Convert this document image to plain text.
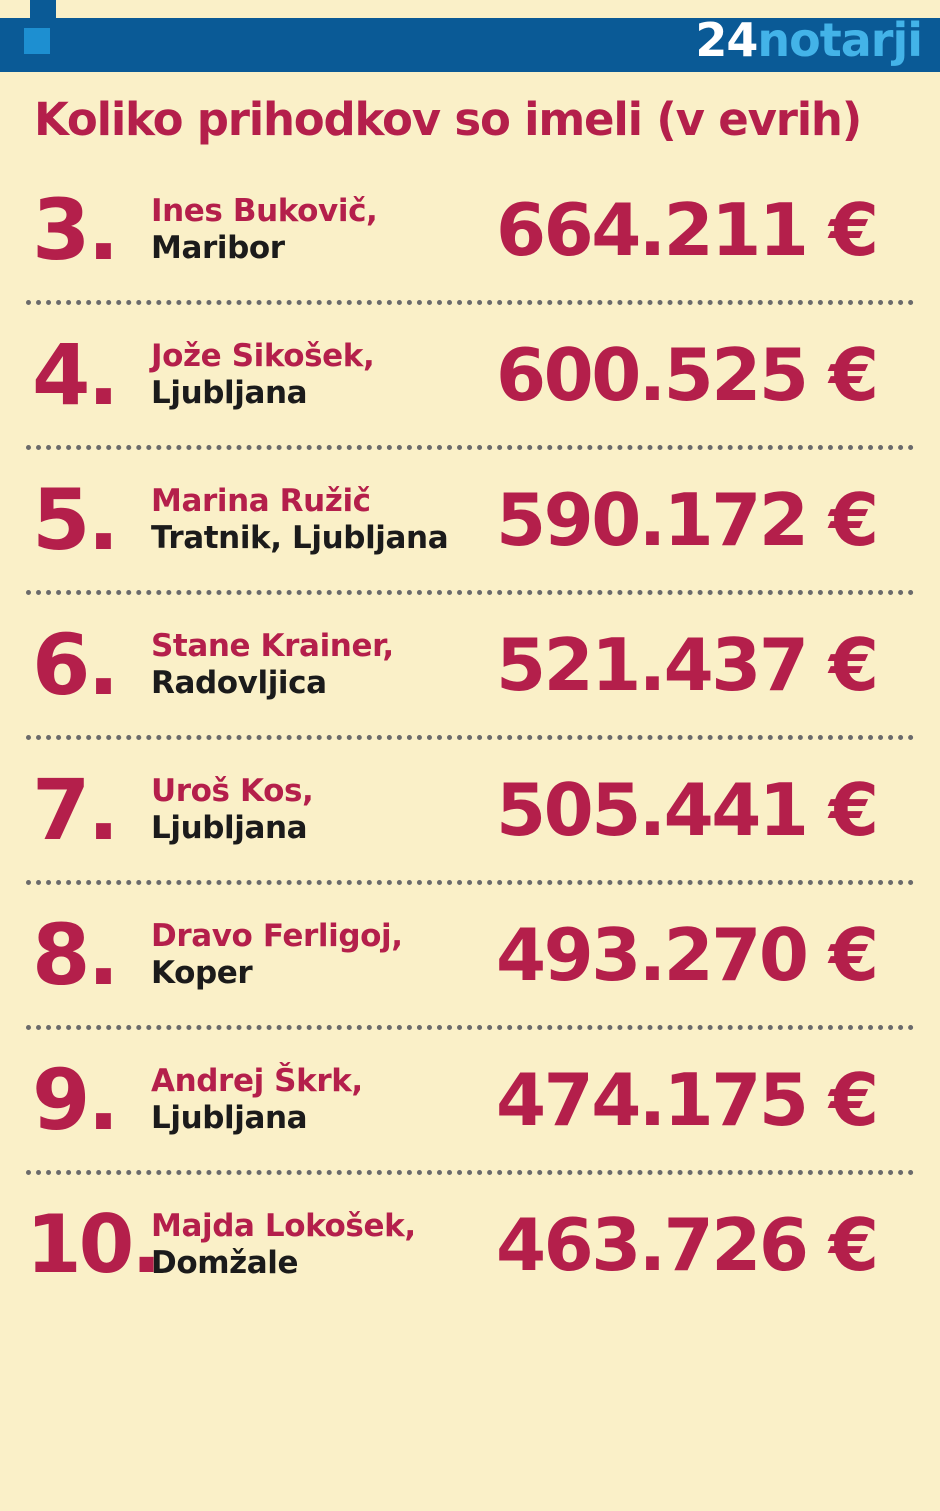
24notarji
Koliko prihodkov so imeli (v evrih)
3.	Ines Bukovič,
Maribor	664.211 €
4.	Jože Sikošek,
Ljubljana	600.525 €
5.	Marina Ružič
Tratnik, Ljubljana 590.172 €
6.	Stane Krainer,
Radovljica	521.437 €
7.	Uroš Kos,
Ljubljana	505.441 €
8.	Dravo Ferligoj,
Koper	493.270 €
9.	Andrej Škrk,
Ljubljana	474.175 €
10.
Majda Lokošek,
Domžale	463.726 €
